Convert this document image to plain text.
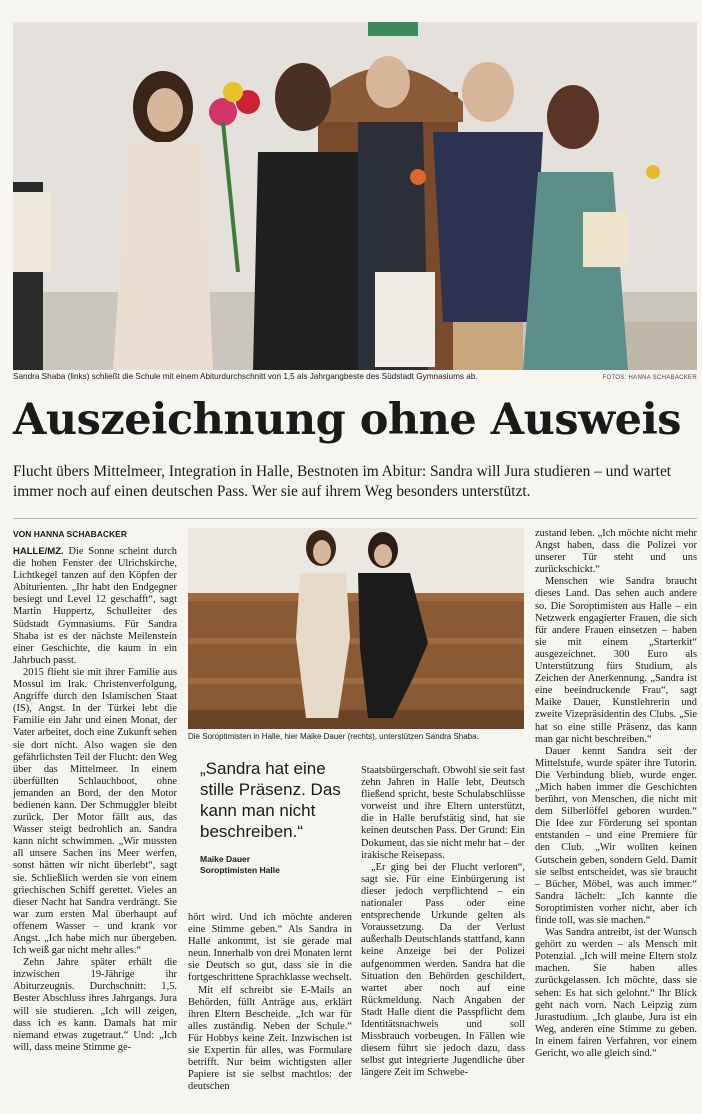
Sandra Shaba (links) schließt die Schule mit einem Abiturdurchschnitt von 1,5 als Jahrgangbeste des Südstadt Gymnasiums ab.	FOTOS: HANNA SCHABACKER
Auszeichnung ohne Ausweis

Flucht übers Mittelmeer, Integration in Halle, Bestnoten im Abitur: Sandra will Jura studieren – und wartet immer noch auf einen deutschen Pass. Wer sie auf ihrem Weg besonders unterstützt.

VON HANNA SCHABACKER

HALLE/MZ. Die Sonne scheint durch die hohen Fenster der Ulrichskirche, Lichtkegel tanzen auf den Köpfen der Abiturienten. „Ihr habt den Endgegner besiegt und Level 12 geschafft“, sagt Martin Huppertz, Schulleiter des Südstadt Gymnasiums. Für Sandra Shaba ist es der nächste Meilenstein einer Geschichte, die kaum in ein Jahrbuch passt.

2015 flieht sie mit ihrer Familie aus Mossul im Irak. Christenverfolgung, Angriffe durch den Islamischen Staat (IS), Angst. In der Türkei lebt die Familie ein Jahr und einen Monat, der Vater arbeitet, doch eine Zukunft sehen sie dort nicht. Also wagen sie den gefährlichsten Teil der Flucht: den Weg über das Mittelmeer. In einem überfüllten Schlauchboot, ohne jemanden an Bord, der den Motor bedienen kann. Der Schmuggler bleibt zurück. Der Motor fällt aus, das Wasser steigt bedrohlich an. Sandra kann nicht schwimmen. „Wir mussten all unsere Sachen ins Meer werfen, sonst hätten wir nicht überlebt“, sagt sie. Schließlich werden sie von einem griechischen Schiff gerettet. Vieles an dieser Nacht hat Sandra verdrängt. Sie war zum ersten Mal überhaupt auf offenem Wasser – und krank vor Angst. „Ich habe mich nur übergeben. Ich weiß gar nicht mehr alles.“

Zehn Jahre später erhält die inzwischen 19-Jährige ihr Abiturzeugnis. Durchschnitt: 1,5. Bester Abschluss ihres Jahrgangs. Jura will sie studieren. „Ich will zeigen, dass ich es kann. Damals hat mir niemand etwas zugetraut.“ Und: „Ich will, dass meine Stimme ge-

Die Soroptimisten in Halle, hier Maike Dauer (rechts), unterstützen Sandra Shaba.
„Sandra hat eine stille Präsenz. Das kann man nicht beschreiben.“
Maike Dauer
Soroptimisten Halle

hört wird. Und ich möchte anderen eine Stimme geben.“ Als Sandra in Halle ankommt, ist sie gerade mal neun. Innerhalb von drei Monaten lernt sie Deutsch so gut, dass sie in die fortgeschrittene Sprachklasse wechselt.

Mit elf schreibt sie E-Mails an Behörden, füllt Anträge aus, erklärt ihren Eltern Bescheide. „Ich war für alles zuständig. Neben der Schule.“ Für Hobbys keine Zeit. Inzwischen ist sie Expertin für alles, was Formulare betrifft. Nur beim wichtigsten aller Papiere ist sie selbst machtlos: der deutschen

Staatsbürgerschaft. Obwohl sie seit fast zehn Jahren in Halle lebt, Deutsch fließend spricht, beste Schulabschlüsse vorweist und ihre Eltern unterstützt, die in Halle berufstätig sind, hat sie keinen deutschen Pass. Der Grund: Ein Dokument, das sie nicht mehr hat – der irakische Reisepass.

„Er ging bei der Flucht verloren“, sagt sie. Für eine Einbürgerung ist dieser jedoch verpflichtend – ein nationaler Pass oder eine entsprechende Urkunde gelten als Voraussetzung. Da der Verlust außerhalb Deutschlands stattfand, kann keine Anzeige bei der Polizei aufgenommen werden. Sandra hat die Situation den Behörden geschildert, wartet aber noch auf eine Rückmeldung. Nach Angaben der Stadt Halle dient die Passpflicht dem Identitätsnachweis und soll Missbrauch vorbeugen. In Fällen wie diesem führt sie jedoch dazu, dass selbst gut integrierte Jugendliche über längere Zeit im Schwebe-

zustand leben. „Ich möchte nicht mehr Angst haben, dass die Polizei vor unserer Tür steht und uns zurückschickt.“

Menschen wie Sandra braucht dieses Land. Das sehen auch andere so. Die Soroptimisten aus Halle – ein Netzwerk engagierter Frauen, die sich für andere Frauen einsetzen – haben sie mit einem „Starterkit“ ausgezeichnet. 300 Euro als Unterstützung fürs Studium, als Zeichen der Anerkennung. „Sandra ist eine beeindruckende Frau“, sagt Maike Dauer, Kunstlehrerin und zweite Vizepräsidentin des Clubs. „Sie hat so eine stille Präsenz, das kann man gar nicht beschreiben.“

Dauer kennt Sandra seit der Mittelstufe, wurde später ihre Tutorin. Die Verbindung blieb, wurde enger. „Mich haben immer die Geschichten berührt, von Menschen, die nicht mit dem Silberlöffel geboren wurden.“ Die Idee zur Förderung sei spontan entstanden – und eine Premiere für den Club. „Wir wollten keinen Gutschein geben, sondern Geld. Damit sie selbst entscheidet, was sie braucht – Bücher, Möbel, was auch immer.“ Sandra lächelt: „Ich kannte die Soroptimisten vorher nicht, aber ich finde toll, was sie machen.“

Was Sandra antreibt, ist der Wunsch gehört zu werden – als Mensch mit Potenzial. „Ich will meine Eltern stolz machen. Sie haben alles zurückgelassen. Ich möchte, dass sie sehen: Es hat sich gelohnt.“ Ihr Blick geht nach vorn. Nach Leipzig zum Jurastudium. „Ich glaube, Jura ist ein Weg, anderen eine Stimme zu geben. In einem fairen Verfahren, vor einem Gericht, wo alle gleich sind.“
